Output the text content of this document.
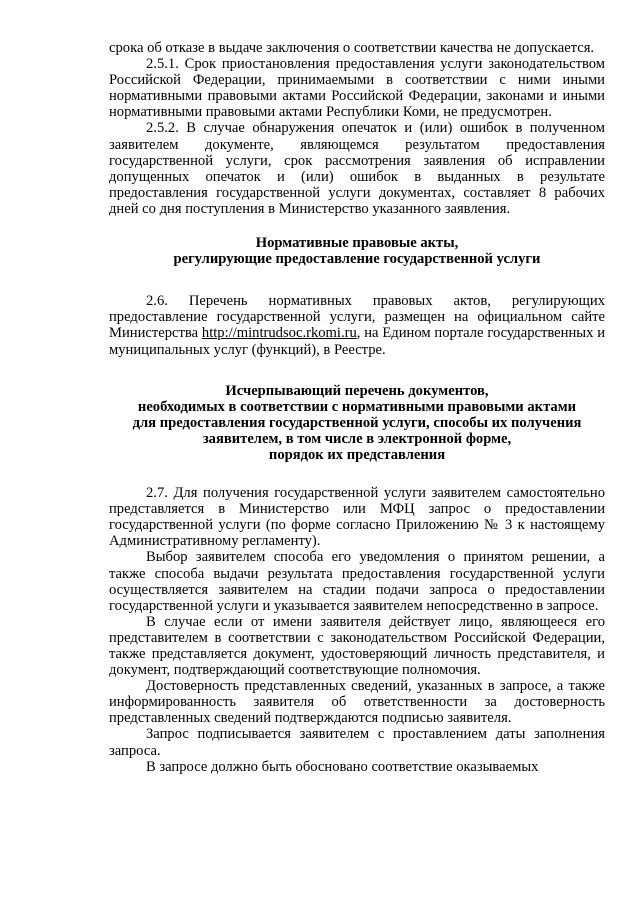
срока об отказе в выдаче заключения о соответствии качества не допускается.

2.5.1. Срок приостановления предоставления услуги законодательством Российской Федерации, принимаемыми в соответствии с ними иными нормативными правовыми актами Российской Федерации, законами и иными нормативными правовыми актами Республики Коми, не предусмотрен.

2.5.2. В случае обнаружения опечаток и (или) ошибок в полученном заявителем документе, являющемся результатом предоставления государственной услуги, срок рассмотрения заявления об исправлении допущенных опечаток и (или) ошибок в выданных в результате предоставления государственной услуги документах, составляет 8 рабочих дней со дня поступления в Министерство указанного заявления.

Нормативные правовые акты,
регулирующие предоставление государственной услуги

2.6. Перечень нормативных правовых актов, регулирующих предоставление государственной услуги, размещен на официальном сайте Министерства http://mintrudsoc.rkomi.ru, на Едином портале государственных и муниципальных услуг (функций), в Реестре.

Исчерпывающий перечень документов,
необходимых в соответствии с нормативными правовыми актами
для предоставления государственной услуги, способы их получения
заявителем, в том числе в электронной форме,
порядок их представления

2.7. Для получения государственной услуги заявителем самостоятельно представляется в Министерство или МФЦ запрос о предоставлении государственной услуги (по форме согласно Приложению № 3 к настоящему Административному регламенту).

Выбор заявителем способа его уведомления о принятом решении, а также способа выдачи результата предоставления государственной услуги осуществляется заявителем на стадии подачи запроса о предоставлении государственной услуги и указывается заявителем непосредственно в запросе.

В случае если от имени заявителя действует лицо, являющееся его представителем в соответствии с законодательством Российской Федерации, также представляется документ, удостоверяющий личность представителя, и документ, подтверждающий соответствующие полномочия.

Достоверность представленных сведений, указанных в запросе, а также информированность заявителя об ответственности за достоверность представленных сведений подтверждаются подписью заявителя.

Запрос подписывается заявителем с проставлением даты заполнения запроса.

В запросе должно быть обосновано соответствие оказываемых
